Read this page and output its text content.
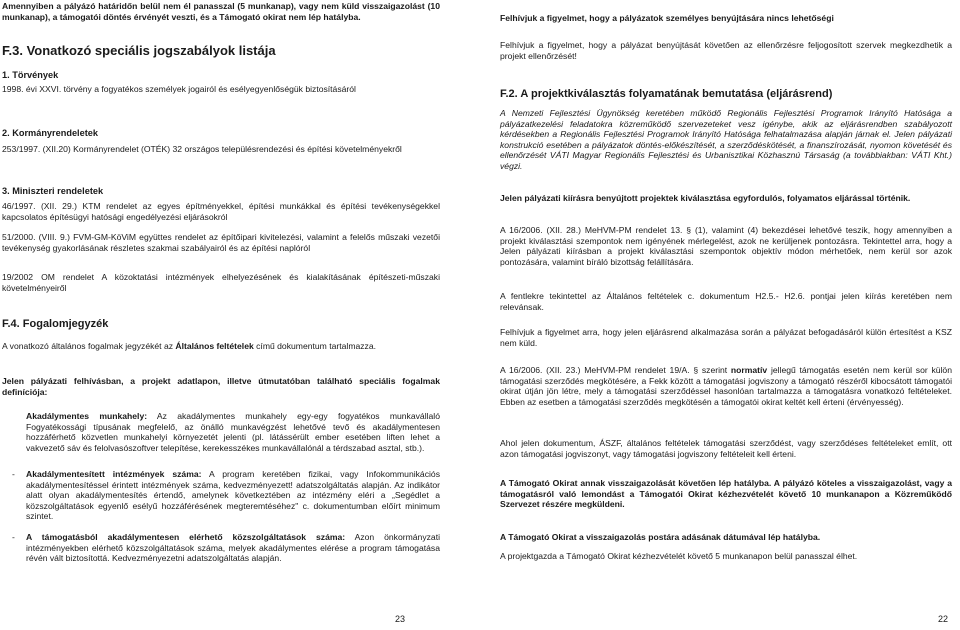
Amennyiben a pályázó határidőn belül nem él panasszal (5 munkanap), vagy nem küld visszaigazolást (10 munkanap), a támogatói döntés érvényét veszti, és a Támogató okirat nem lép hatályba.

F.3. Vonatkozó speciális jogszabályok listája

1. Törvények

1998. évi XXVI. törvény a fogyatékos személyek jogairól és esélyegyenlőségük biztosításáról

2. Kormányrendeletek

253/1997. (XII.20) Kormányrendelet (OTÉK) 32 országos településrendezési és építési követelményekről

3. Miniszteri rendeletek

46/1997. (XII. 29.) KTM rendelet az egyes építményekkel, építési munkákkal és építési tevékenységekkel kapcsolatos építésügyi hatósági engedélyezési eljárásokról

51/2000. (VIII. 9.) FVM-GM-KöViM együttes rendelet az építőipari kivitelezési, valamint a felelős műszaki vezetői tevékenység gyakorlásának részletes szakmai szabályairól és az építési naplóról

19/2002 OM rendelet A közoktatási intézmények elhelyezésének és kialakításának építészeti-műszaki követelményeiről

F.4. Fogalomjegyzék

A vonatkozó általános fogalmak jegyzékét az Általános feltételek című dokumentum tartalmazza.

Jelen pályázati felhívásban, a projekt adatlapon, illetve útmutatóban található speciális fogalmak definíciója:

Akadálymentes munkahely: Az akadálymentes munkahely egy-egy fogyatékos munkavállaló Fogyatékossági típusának megfelelő, az önálló munkavégzést lehetővé tevő és akadálymentesen hozzáférhető közvetlen munkahelyi környezetét jelenti (pl. látássérült ember esetében liften lehet a vakvezető sáv és felolvasószoftver telepítése, kerekesszékes munkavállalónál a térdszabad asztal, stb.).

- Akadálymentesített intézmények száma: A program keretében fizikai, vagy Infokommunikációs akadálymentesítéssel érintett intézmények száma, kedvezményezett! adatszolgáltatás alapján. Az indikátor alatt olyan akadálymentesítés értendő, amelynek következtében az intézmény eléri a „Segédlet a közszolgáltatások egyenlő esélyű hozzáférésének megteremtéséhez" c. dokumentumban előírt minimum szintet.

- A támogatásból akadálymentesen elérhető közszolgáltatások száma: Azon önkormányzati intézményekben elérhető közszolgáltatások száma, melyek akadálymentes elérése a program támogatása révén vált biztosítottá. Kedvezményezetni adatszolgáltatás alapján.

Felhívjuk a figyelmet, hogy a pályázatok személyes benyújtására nincs lehetőségi

Felhívjuk a figyelmet, hogy a pályázat benyújtását követően az ellenőrzésre feljogosított szervek megkezdhetik a projekt ellenőrzését!

F.2. A projektkiválasztás folyamatának bemutatása (eljárásrend)

A Nemzeti Fejlesztési Ügynökség keretében működő Regionális Fejlesztési Programok Irányító Hatósága a pályázatkezelési feladatokra közreműködő szervezeteket vesz igénybe, akik az eljárásrendben szabályozott kérdésekben a Regionális Fejlesztési Programok Irányító Hatósága felhatalmazása alapján járnak el. Jelen pályázati konstrukció esetében a pályázatok döntés-előkészítését, a szerződéskötését, a finanszírozását, nyomon követését és ellenőrzését VÁTI Magyar Regionális Fejlesztési és Urbanisztikai Közhasznú Társaság (a továbbiakban: VÁTI Kht.) végzi.

Jelen pályázati kiírásra benyújtott projektek kiválasztása egyfordulós, folyamatos eljárással történik.

A 16/2006. (XII. 28.) MeHVM-PM rendelet 13. § (1), valamint (4) bekezdései lehetővé teszik, hogy amennyiben a projekt kiválasztási szempontok nem igényének mérlegelést, azok ne kerüljenek pontozásra. Tekintettel arra, hogy a Jelen pályázati kiírásban a projekt kiválasztási szempontok objektív módon mérhetőek, nem kerül sor azok pontozására, valamint bíráló bizottság felállítására.

A fentlekre tekintettel az Általános feltételek c. dokumentum H2.5.- H2.6. pontjai jelen kiírás keretében nem relevánsak.

Felhívjuk a figyelmet arra, hogy jelen eljárásrend alkalmazása során a pályázat befogadásáról külön értesítést a KSZ nem küld.

A 16/2006. (XII. 23.) MeHVM-PM rendelet 19/A. § szerint normatív jellegű támogatás esetén nem kerül sor külön támogatási szerződés megkötésére, a Fekk között a támogatási jogviszony a támogató részéről kibocsátott támogatói okirat útján jön létre, mely a támogatási szerződéssel hasonlóan tartalmazza a támogatásra vonatkozó feltételeket. Ebben az esetben a támogatási szerződés megkötésén a támogatói okirat keltét kell érteni (érvényesség).

Ahol jelen dokumentum, ÁSZF, általános feltételek támogatási szerződést, vagy szerződéses feltételeket említ, ott azon támogatási jogviszonyt, vagy támogatási jogviszony feltételeit kell érteni.

A Támogató Okirat annak visszaigazolását követően lép hatályba. A pályázó köteles a visszaigazolást, vagy a támogatásról való lemondást a Támogatói Okirat kézhezvételét követő 10 munkanapon a Közreműködő Szervezet részére megküldeni.

A Támogató Okirat a visszaigazolás postára adásának dátumával lép hatályba.

A projektgazda a Támogató Okirat kézhezvételét követő 5 munkanapon belül panasszal élhet.

23	22
